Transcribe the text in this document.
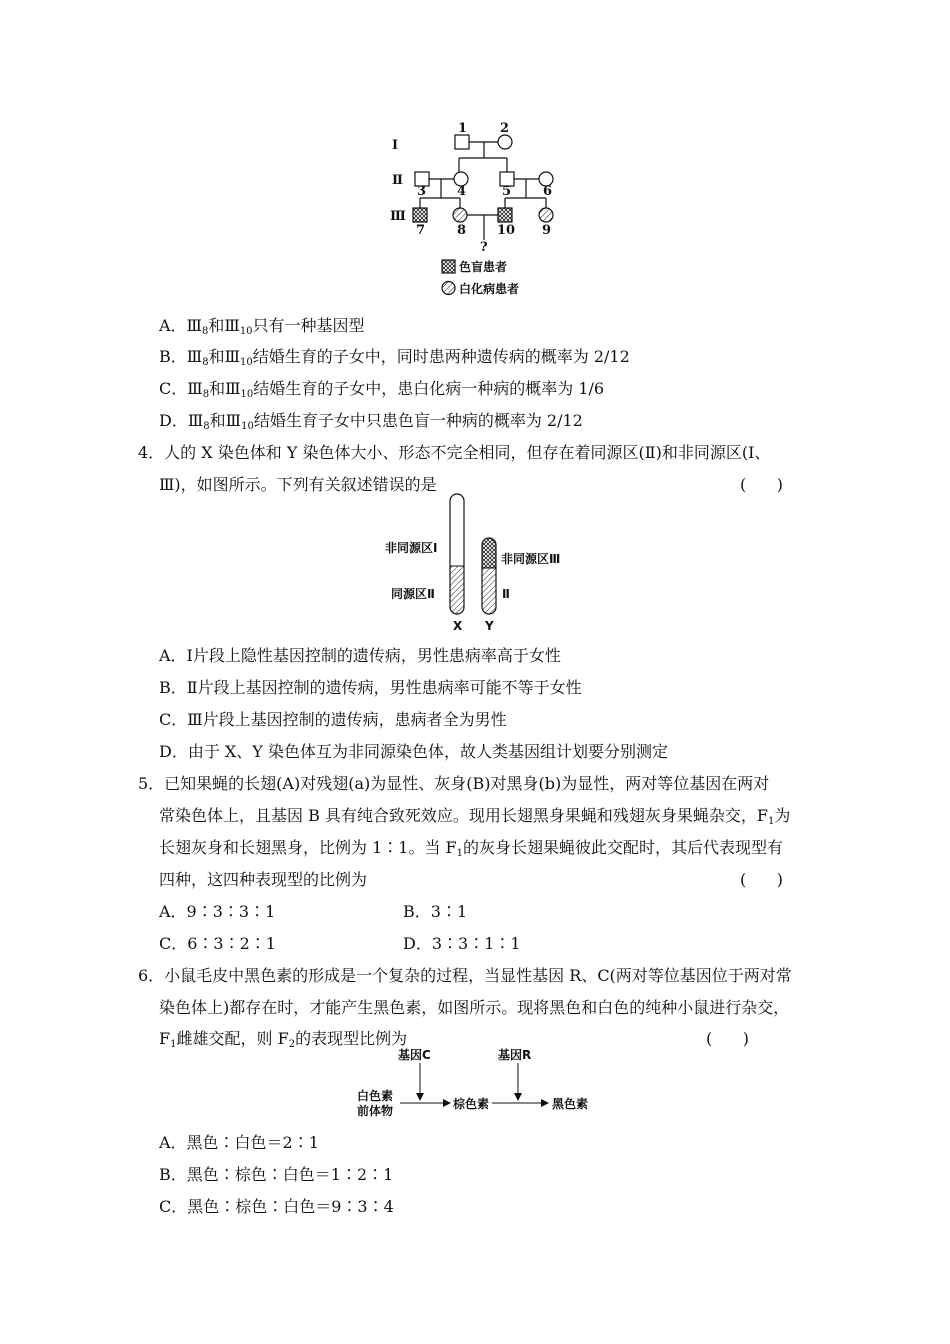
Ⅰ
Ⅱ
Ⅲ
1	2
3 4	5 6
7 8 10 9
?
色盲患者
白化病患者
A．$Ⅲ_8$和$Ⅲ_{10}$只有一种基因型
B．$Ⅲ_8$和$Ⅲ_{10}$结婚生育的子女中，同时患两种遗传病的概率为 2/12
C．$Ⅲ_8$和$Ⅲ_{10}$结婚生育的子女中，患白化病一种病的概率为 1/6
D．$Ⅲ_8$和$Ⅲ_{10}$结婚生育子女中只患色盲一种病的概率为 2/12
4．人的 X 染色体和 Y 染色体大小、形态不完全相同，但存在着同源区(Ⅱ)和非同源区(Ⅰ、
Ⅲ)，如图所示。下列有关叙述错误的是	(      )
非同源区Ⅰ
同源区Ⅱ
非同源区Ⅲ
Ⅱ
X Y
A．Ⅰ片段上隐性基因控制的遗传病，男性患病率高于女性
B．Ⅱ片段上基因控制的遗传病，男性患病率可能不等于女性
C．Ⅲ片段上基因控制的遗传病，患病者全为男性
D．由于 X、Y 染色体互为非同源染色体，故人类基因组计划要分别测定
5．已知果蝇的长翅(A)对残翅(a)为显性、灰身(B)对黑身(b)为显性，两对等位基因在两对
常染色体上，且基因 B 具有纯合致死效应。现用长翅黑身果蝇和残翅灰身果蝇杂交，$F_1$为
长翅灰身和长翅黑身，比例为 1∶1。当 $F_1$的灰身长翅果蝇彼此交配时，其后代表现型有
四种，这四种表现型的比例为	(      )
A．9∶3∶3∶1	B．3∶1
C．6∶3∶2∶1	D．3∶3∶1∶1
6．小鼠毛皮中黑色素的形成是一个复杂的过程，当显性基因 R、C(两对等位基因位于两对常
染色体上)都存在时，才能产生黑色素，如图所示。现将黑色和白色的纯种小鼠进行杂交，
$F_1$雌雄交配，则 $F_2$的表现型比例为	(      )
基因C	基因R
白色素
前体物	棕色素	黑色素
A．黑色∶白色＝2∶1
B．黑色∶棕色∶白色＝1∶2∶1
C．黑色∶棕色∶白色＝9∶3∶4
